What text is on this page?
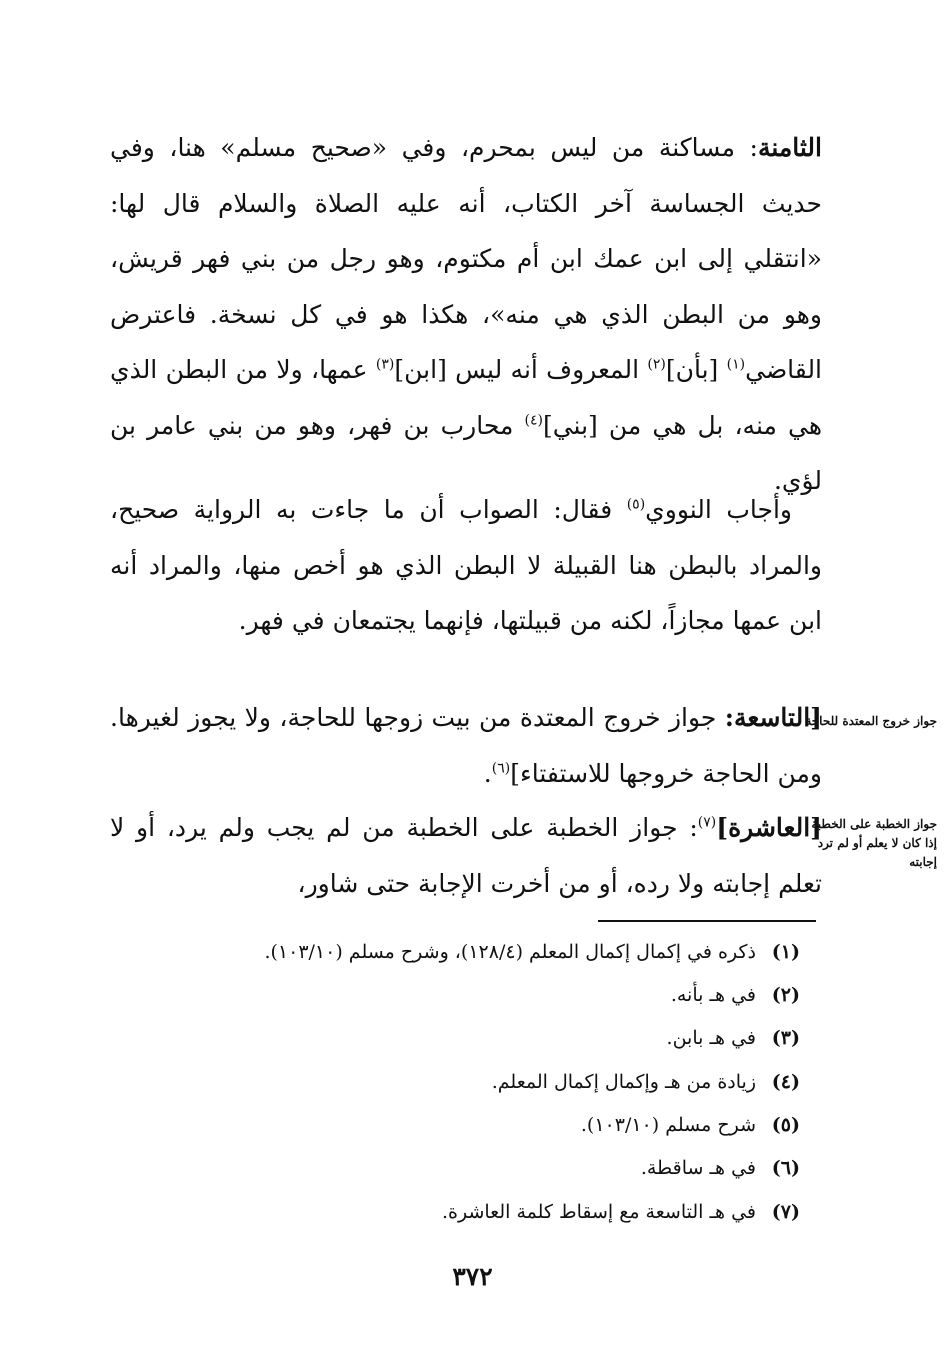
الثامنة: مساكنة من ليس بمحرم، وفي «صحيح مسلم» هنا، وفي حديث الجساسة آخر الكتاب، أنه عليه الصلاة والسلام قال لها: «انتقلي إلى ابن عمك ابن أم مكتوم، وهو رجل من بني فهر قريش، وهو من البطن الذي هي منه»، هكذا هو في كل نسخة. فاعترض القاضي$^{(١)}$ [بأن]$^{(٢)}$ المعروف أنه ليس [ابن]$^{(٣)}$ عمها، ولا من البطن الذي هي منه، بل هي من [بني]$^{(٤)}$ محارب بن فهر، وهو من بني عامر بن لؤي.

وأجاب النووي$^{(٥)}$ فقال: الصواب أن ما جاءت به الرواية صحيح، والمراد بالبطن هنا القبيلة لا البطن الذي هو أخص منها، والمراد أنه ابن عمها مجازاً، لكنه من قبيلتها، فإنهما يجتمعان في فهر.

[التاسعة: جواز خروج المعتدة من بيت زوجها للحاجة، ولا يجوز لغيرها. ومن الحاجة خروجها للاستفتاء]$^{(٦)}$.

[العاشرة]$^{(٧)}$: جواز الخطبة على الخطبة من لم يجب ولم يرد، أو لا تعلم إجابته ولا رده، أو من أخرت الإجابة حتى شاور،

جواز خروج المعتدة للحاجة
جواز الخطبة على الخطبة إذا كان لا يعلم أو لم ترد إجابته
(١)ذكره في إكمال إكمال المعلم (١٢٨/٤)، وشرح مسلم (١٠٣/١٠).
(٢)في هـ بأنه.
(٣)في هـ بابن.
(٤)زيادة من هـ وإكمال إكمال المعلم.
(٥)شرح مسلم (١٠٣/١٠).
(٦)في هـ ساقطة.
(٧)في هـ التاسعة مع إسقاط كلمة العاشرة.
٣٧٢
